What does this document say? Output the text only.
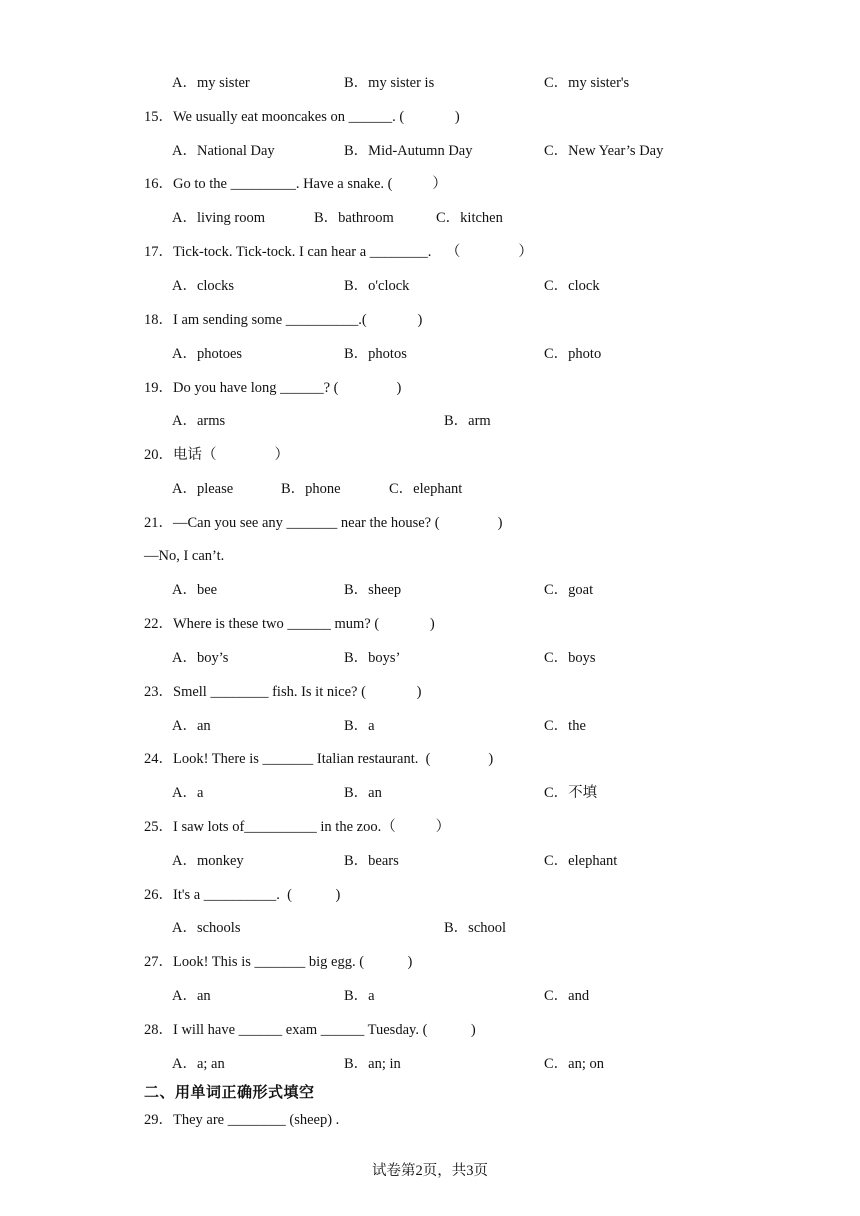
A．my sister	B．my sister is	C．my sister's
15．We usually eat mooncakes on ______. (              )
A．National Day	B．Mid-Autumn Day	C．New Year’s Day
16．Go to the _________. Have a snake. (           ）
A．living room	B．bathroom	C．kitchen
17．Tick-tock. Tick-tock. I can hear a ________.    （                ）
A．clocks	B．o'clock	C．clock
18．I am sending some __________.(              )
A．photoes	B．photos	C．photo
19．Do you have long ______? (                )
A．arms	B．arm
20．电话（                ）
A．please	B．phone	C．elephant
21．—Can you see any _______ near the house? (                )
—No, I can’t.
A．bee	B．sheep	C．goat
22．Where is these two ______ mum? (              )
A．boy’s	B．boys’	C．boys
23．Smell ________ fish. Is it nice? (              )
A．an	B．a	C．the
24．Look! There is _______ Italian restaurant.  (                )
A．a	B．an	C．不填
25．I saw lots of__________ in the zoo.（           ）
A．monkey	B．bears	C．elephant
26．It's a __________.  (            )
A．schools	B．school
27．Look! This is _______ big egg. (            )
A．an	B．a	C．and
28．I will have ______ exam ______ Tuesday. (            )
A．a; an	B．an; in	C．an; on
二、用单词正确形式填空
29．They are ________ (sheep) .
试卷第2页，共3页
